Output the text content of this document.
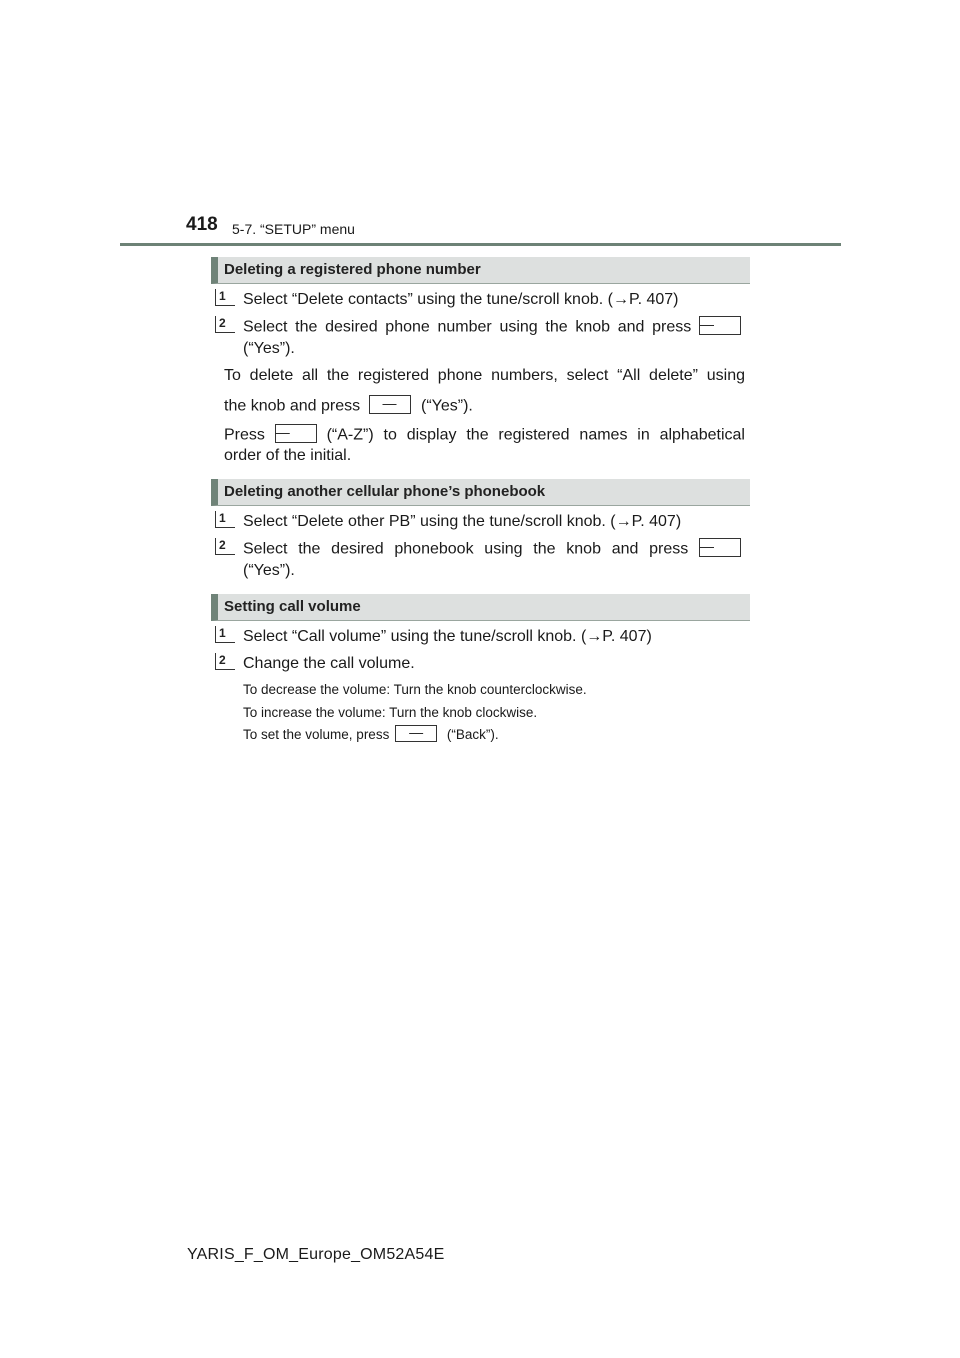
418 5-7. “SETUP” menu
Deleting a registered phone number
1	Select “Delete contacts” using the tune/scroll knob. (→P. 407)
2	Select the desired phone number using the knob and press —
(“Yes”).
To delete all the registered phone numbers, select “All delete” using
the knob and press — (“Yes”).
Press — (“A-Z”) to display the registered names in alphabetical
order of the initial.
Deleting another cellular phone’s phonebook
1	Select “Delete other PB” using the tune/scroll knob. (→P. 407)
2	Select the desired phonebook using the knob and press —
(“Yes”).
Setting call volume
1	Select “Call volume” using the tune/scroll knob. (→P. 407)
2	Change the call volume.
To decrease the volume: Turn the knob counterclockwise.
To increase the volume: Turn the knob clockwise.
To set the volume, press — (“Back”).
YARIS_F_OM_Europe_OM52A54E
